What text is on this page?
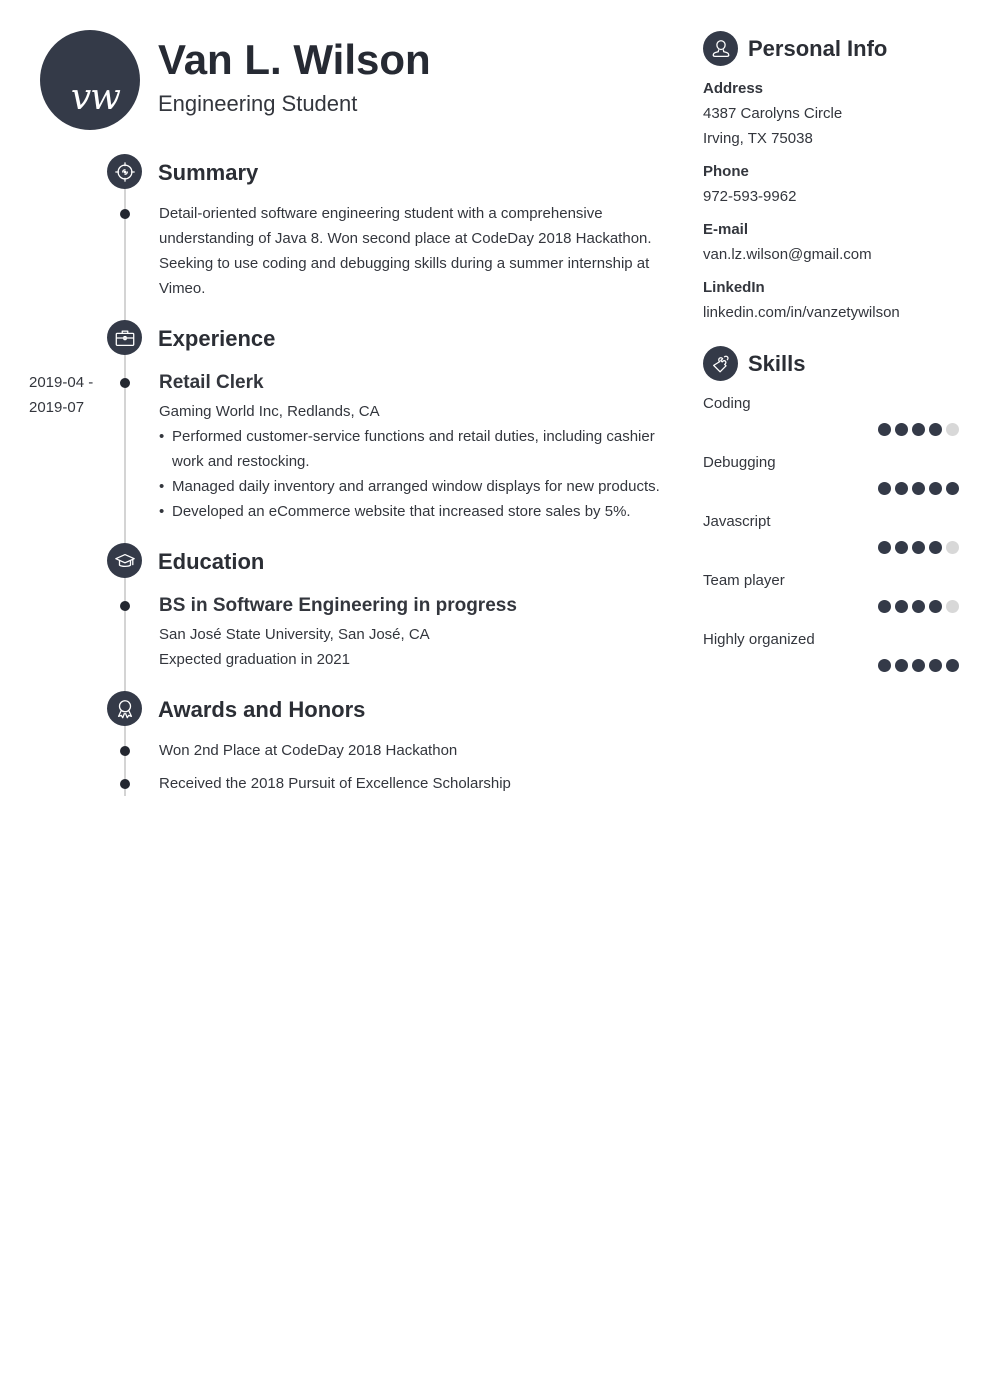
vw
Van L. Wilson
Engineering Student
Summary
Detail-oriented software engineering student with a comprehensive
understanding of Java 8. Won second place at CodeDay 2018 Hackathon.
Seeking to use coding and debugging skills during a summer internship at
Vimeo.
Experience
2019-04 -
2019-07
Retail Clerk
Gaming World Inc, Redlands, CA
• Performed customer-service functions and retail duties, including cashier work and restocking.
• Managed daily inventory and arranged window displays for new products.
• Developed an eCommerce website that increased store sales by 5%.
Education
BS in Software Engineering in progress
San José State University, San José, CA
Expected graduation in 2021
Awards and Honors
Won 2nd Place at CodeDay 2018 Hackathon
Received the 2018 Pursuit of Excellence Scholarship
Personal Info
Address
4387 Carolyns Circle
Irving, TX 75038
Phone
972-593-9962
E-mail
van.lz.wilson@gmail.com
LinkedIn
linkedin.com/in/vanzetywilson
Skills
Coding
Debugging
Javascript
Team player
Highly organized
